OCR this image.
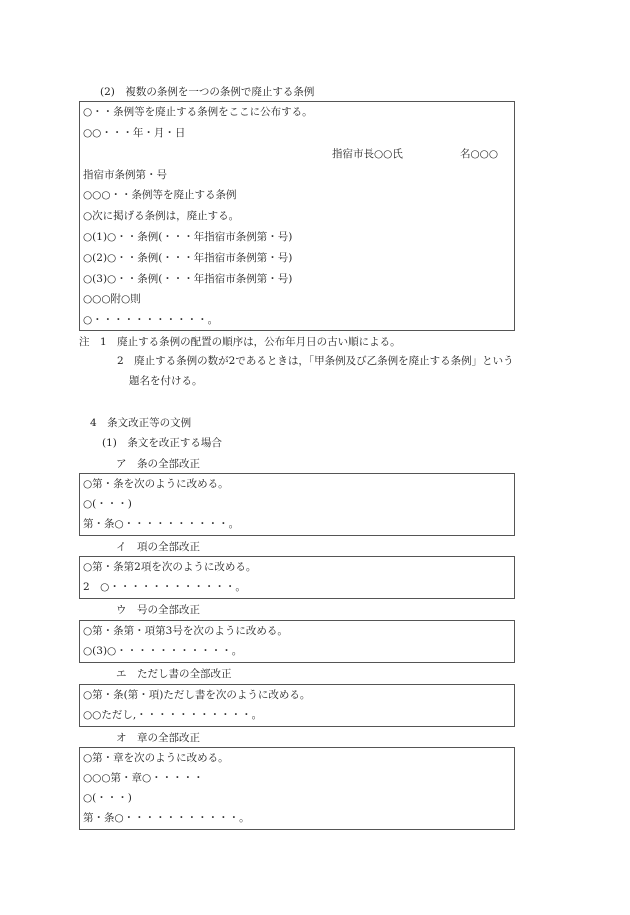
(2)　複数の条例を一つの条例で廃止する条例
○・・条例等を廃止する条例をここに公布する。
○○・・・年・月・日
指宿市長○○氏	名○○○
指宿市条例第・号
○○○・・条例等を廃止する条例
○次に掲げる条例は，廃止する。
○(1)○・・条例(・・・年指宿市条例第・号)
○(2)○・・条例(・・・年指宿市条例第・号)
○(3)○・・条例(・・・年指宿市条例第・号)
○○○附○則
○・・・・・・・・・・・。
注　1　廃止する条例の配置の順序は，公布年月日の古い順による。
2　廃止する条例の数が2であるときは，「甲条例及び乙条例を廃止する条例」という
題名を付ける。
4　条文改正等の文例
(1)　条文を改正する場合
ア　条の全部改正
○第・条を次のように改める。
○(・・・)
第・条○・・・・・・・・・・。
イ　項の全部改正
○第・条第2項を次のように改める。
2　○・・・・・・・・・・・・。
ウ　号の全部改正
○第・条第・項第3号を次のように改める。
○(3)○・・・・・・・・・・・。
エ　ただし書の全部改正
○第・条(第・項)ただし書を次のように改める。
○○ただし,・・・・・・・・・・・。
オ　章の全部改正
○第・章を次のように改める。
○○○第・章○・・・・・
○(・・・)
第・条○・・・・・・・・・・・。
